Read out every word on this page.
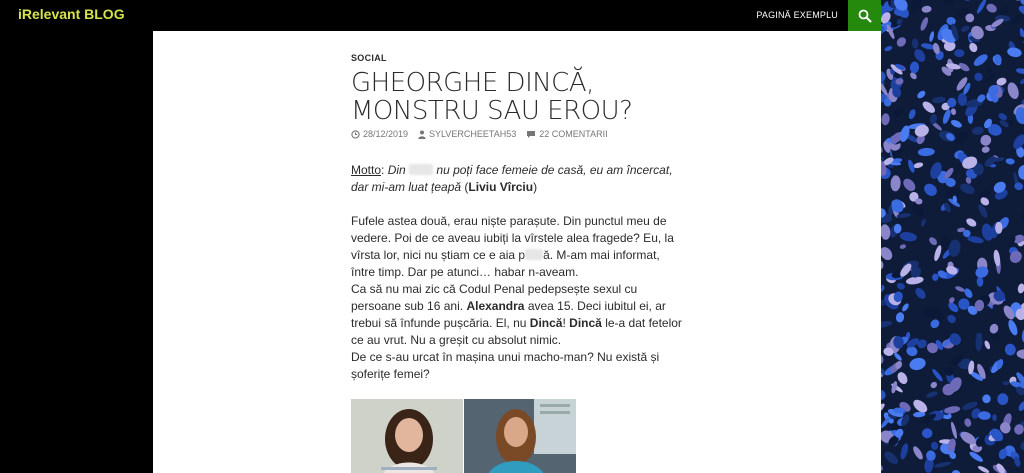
iRelevant BLOG	PAGINĂ EXEMPLU
SOCIAL
GHEORGHE DINCĂ, MONSTRU SAU EROU?
28/12/2019 SYLVERCHEETAH53	22 COMENTARII

Motto: Din	nu poți face femeie de casă, eu am încercat, dar mi-am luat țeapă (Liviu Vîrciu)

Fufele astea două, erau niște parașute. Din punctul meu de vedere. Poi de ce aveau iubiți la vîrstele alea fragede? Eu, la vîrsta lor, nici nu știam ce e aia p ă. M-am mai informat, între timp. Dar pe atunci… habar n-aveam.
Ca să nu mai zic că Codul Penal pedepsește sexul cu persoane sub 16 ani. Alexandra avea 15. Deci iubitul ei, ar trebui să înfunde pușcăria. El, nu Dincă! Dincă le-a dat fetelor ce au vrut. Nu a greșit cu absolut nimic.
De ce s-au urcat în mașina unui macho-man? Nu există și șoferițe femei?
